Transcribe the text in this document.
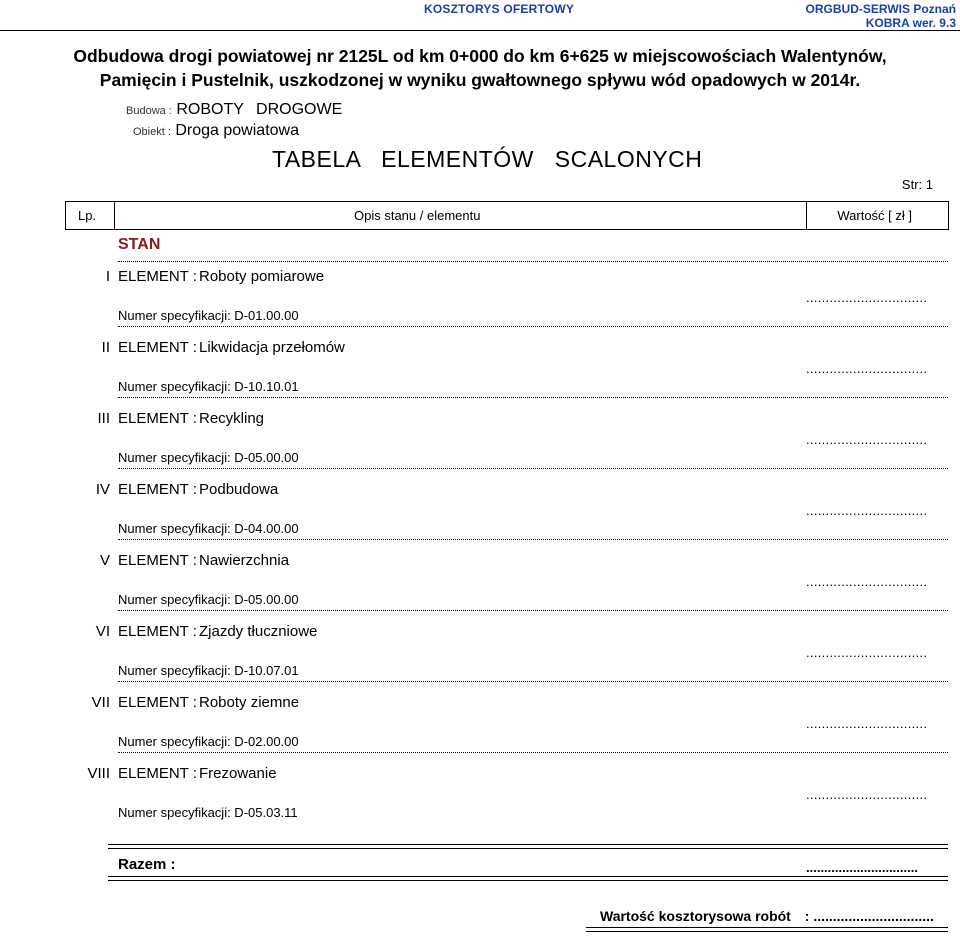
KOSZTORYS OFERTOWY	ORGBUD-SERWIS Poznań
KOBRA wer. 9.3
Odbudowa drogi powiatowej nr 2125L od km 0+000 do km 6+625 w miejscowościach Walentynów, Pamięcin i Pustelnik, uszkodzonej w wyniku gwałtownego spływu wód opadowych w 2014r.
Budowa : ROBOTY DROGOWE
Obiekt : Droga powiatowa
TABELA ELEMENTÓW SCALONYCH
Str: 1
Lp.	Opis stanu / elementu	Wartość [ zł ]
STAN
I ELEMENT : Roboty pomiarowe
...............................
Numer specyfikacji: D-01.00.00
II ELEMENT : Likwidacja przełomów
...............................
Numer specyfikacji: D-10.10.01
III ELEMENT : Recykling
...............................
Numer specyfikacji: D-05.00.00
IV ELEMENT : Podbudowa
...............................
Numer specyfikacji: D-04.00.00
V ELEMENT : Nawierzchnia
...............................
Numer specyfikacji: D-05.00.00
VI ELEMENT : Zjazdy tłuczniowe
...............................
Numer specyfikacji: D-10.07.01
VII ELEMENT : Roboty ziemne
...............................
Numer specyfikacji: D-02.00.00
VIII ELEMENT : Frezowanie
...............................
Numer specyfikacji: D-05.03.11
Razem :	...............................
Wartość kosztorysowa robót : ...............................
